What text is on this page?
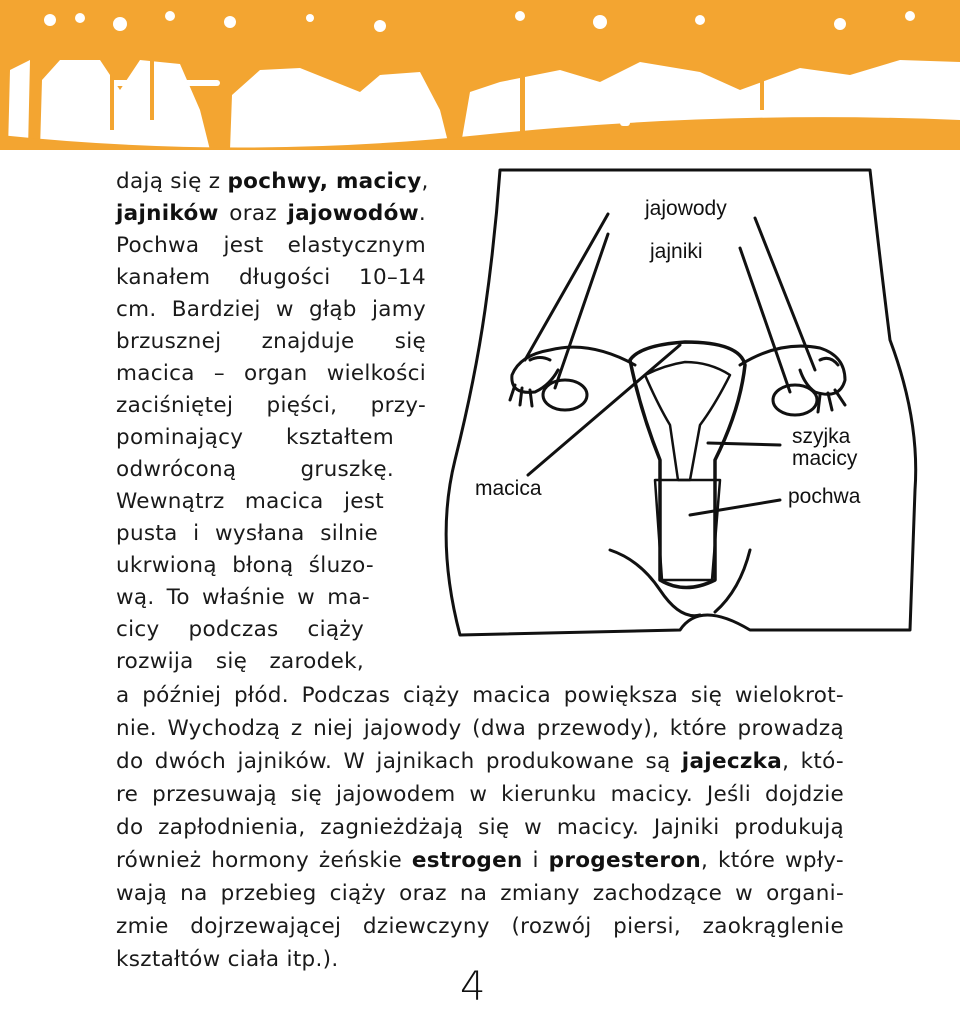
dają się z pochwy, macicy,

jajników oraz jajowodów.

Pochwa jest elastycznym

kanałem długości 10–14

cm. Bardziej w głąb jamy

brzusznej znajduje się

macica – organ wielkości

zaciśniętej pięści, przy-

pominający kształtem

odwróconą gruszkę.

Wewnątrz macica jest

pusta i wysłana silnie

ukrwioną błoną śluzo-

wą. To właśnie w ma-

cicy podczas ciąży

rozwija się zarodek,

a później płód. Podczas ciąży macica powiększa się wielokrot-

nie. Wychodzą z niej jajowody (dwa przewody), które prowadzą

do dwóch jajników. W jajnikach produkowane są jajeczka, któ-

re przesuwają się jajowodem w kierunku macicy. Jeśli dojdzie

do zapłodnienia, zagnieżdżają się w macicy. Jajniki produkują

również hormony żeńskie estrogen i progesteron, które wpły-

wają na przebieg ciąży oraz na zmiany zachodzące w organi-

zmie dojrzewającej dziewczyny (rozwój piersi, zaokrąglenie

kształtów ciała itp.).

jajowody
jajniki
szyjka
macicy
pochwa
macica
4
